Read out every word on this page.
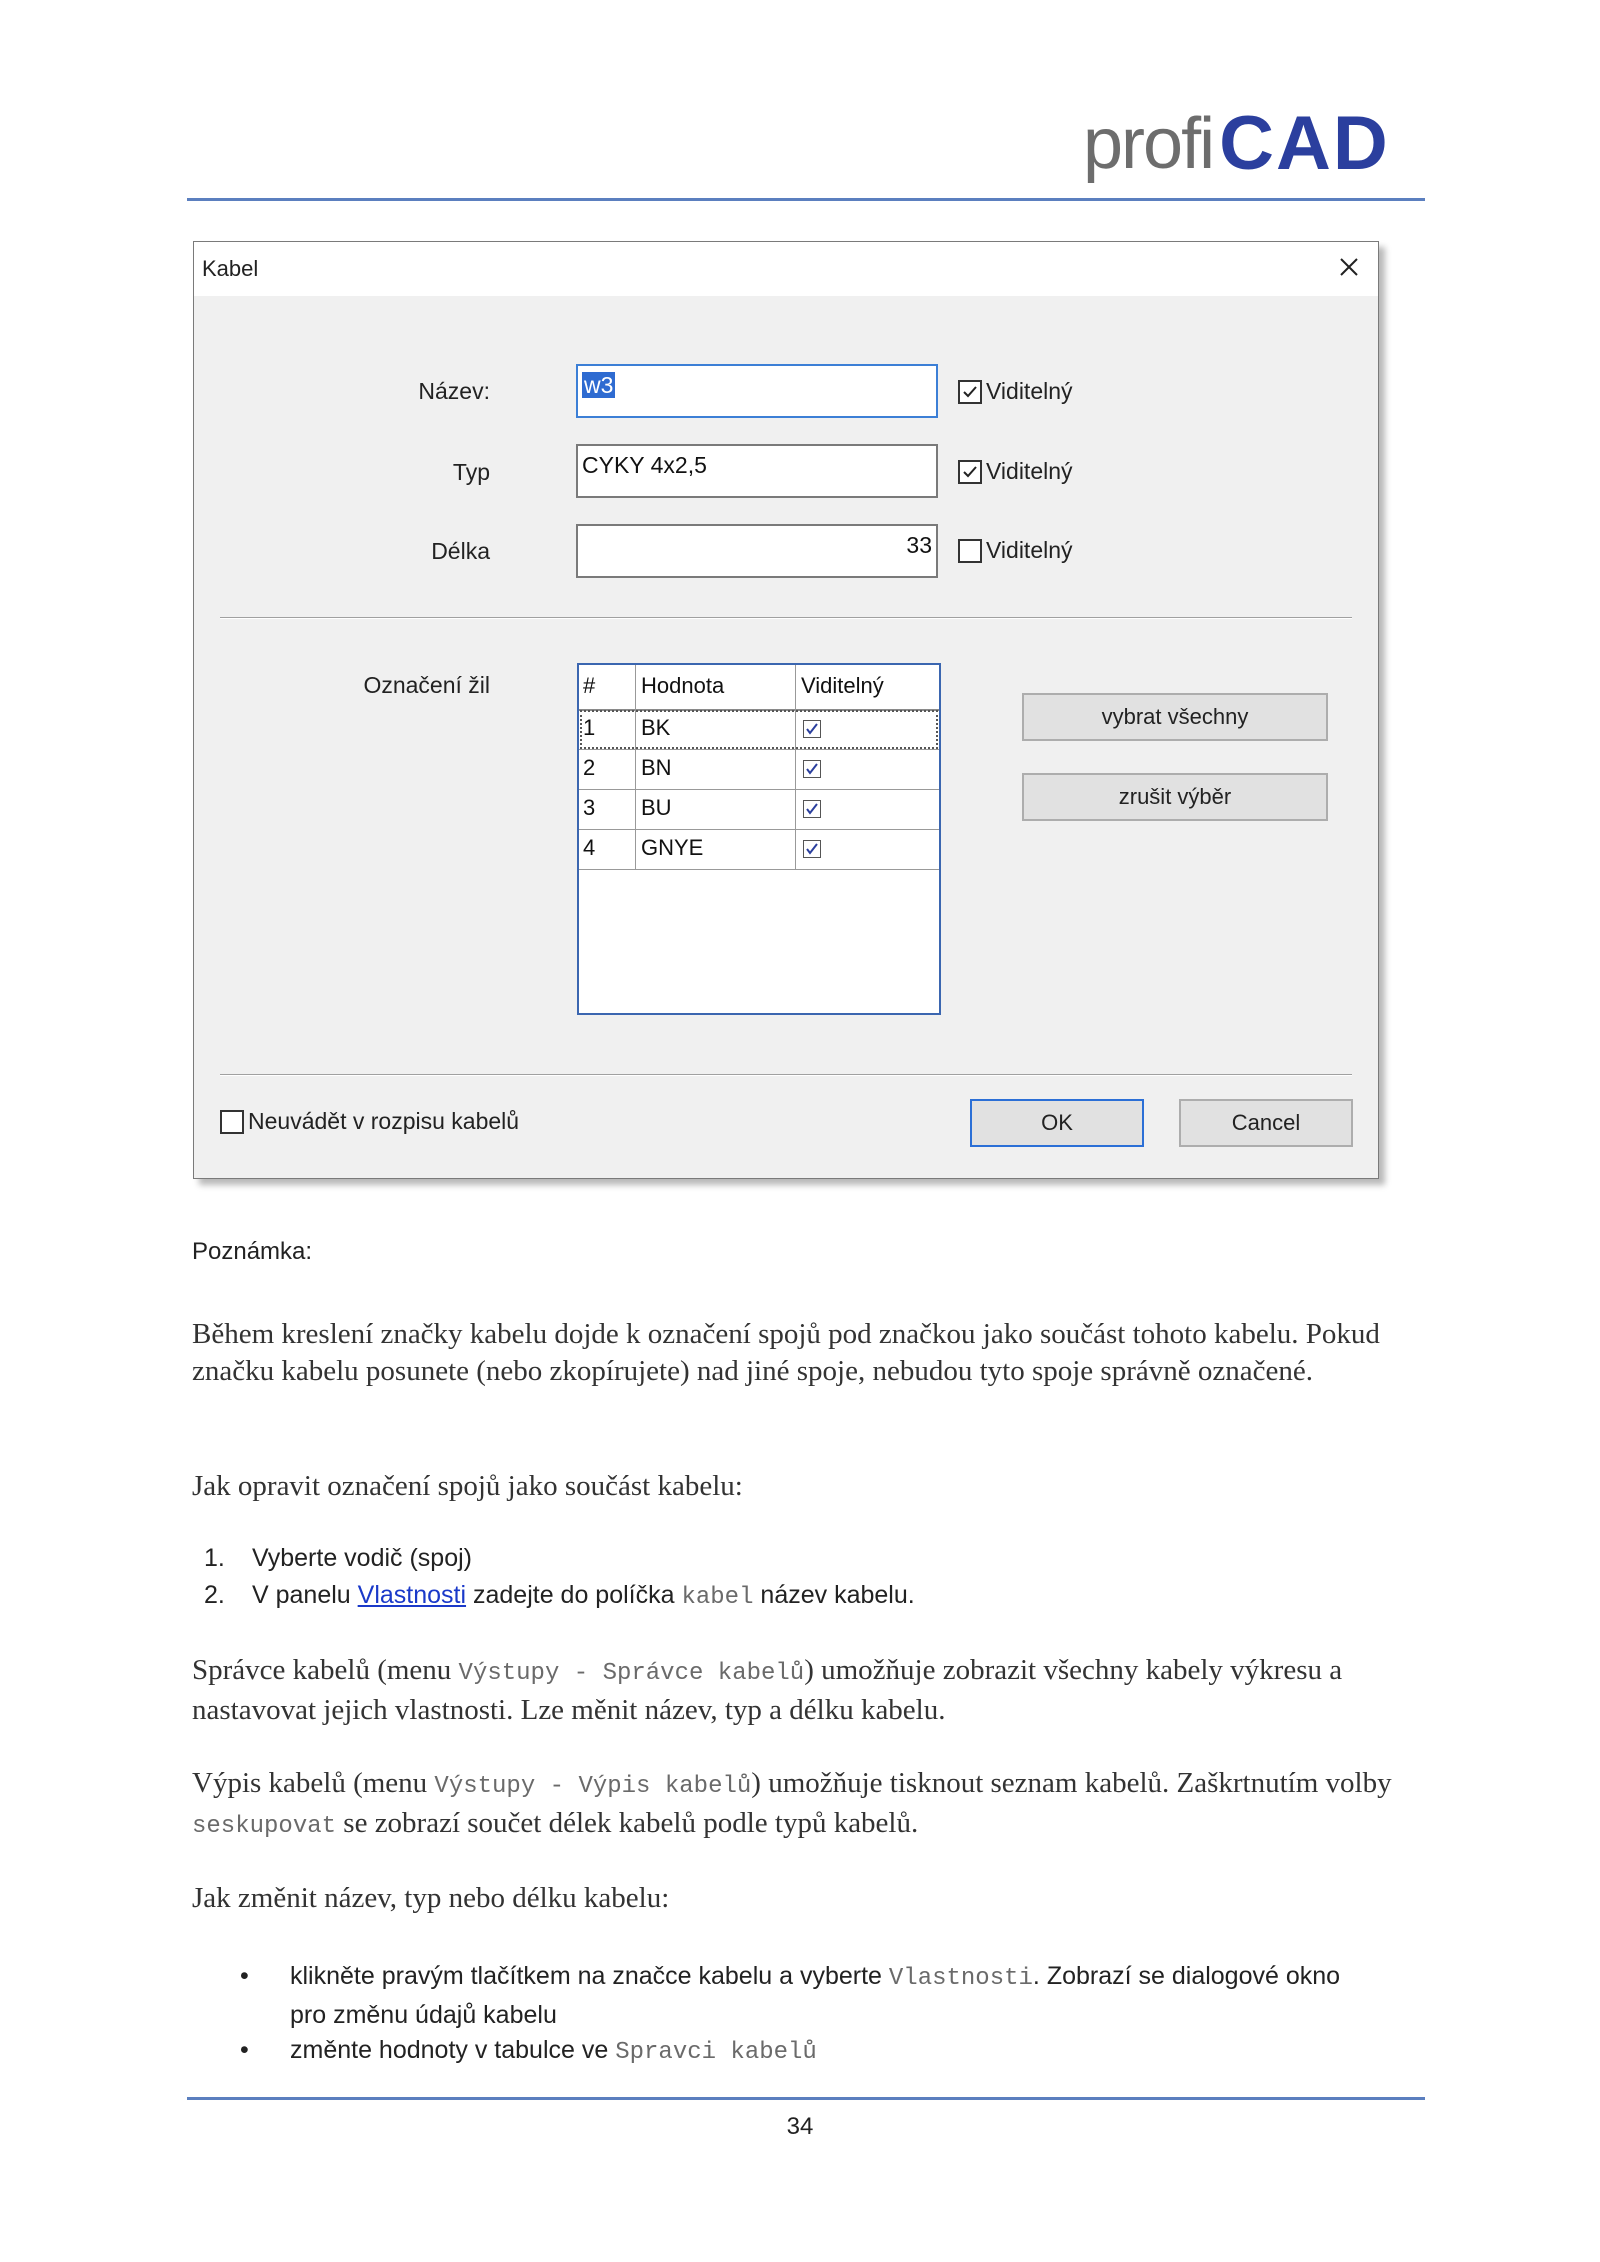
profi CAD
Kabel
Název:	w3	Viditelný
Typ	CYKY 4x2,5	Viditelný
Délka	33 Viditelný
Označení žil	# Hodnota	Viditelný
1 BK
2 BN
3 BU
4 GNYE
vybrat všechny
zrušit výběr
Neuvádět v rozpisu kabelů	OK	Cancel
Poznámka:
Během kreslení značky kabelu dojde k označení spojů pod značkou jako součást tohoto kabelu. Pokud značku kabelu posunete (nebo zkopírujete) nad jiné spoje, nebudou tyto spoje správně označené.
Jak opravit označení spojů jako součást kabelu:
1. Vyberte vodič (spoj)
2. V panelu Vlastnosti zadejte do políčka kabel název kabelu.
Správce kabelů (menu Výstupy - Správce kabelů) umožňuje zobrazit všechny kabely výkresu a nastavovat jejich vlastnosti. Lze měnit název, typ a délku kabelu.
Výpis kabelů (menu Výstupy - Výpis kabelů) umožňuje tisknout seznam kabelů. Zaškrtnutím volby seskupovat se zobrazí součet délek kabelů podle typů kabelů.
Jak změnit název, typ nebo délku kabelu:
• klikněte pravým tlačítkem na značce kabelu a vyberte Vlastnosti. Zobrazí se dialogové okno pro změnu údajů kabelu
• změnte hodnoty v tabulce ve Spravci kabelů
34
